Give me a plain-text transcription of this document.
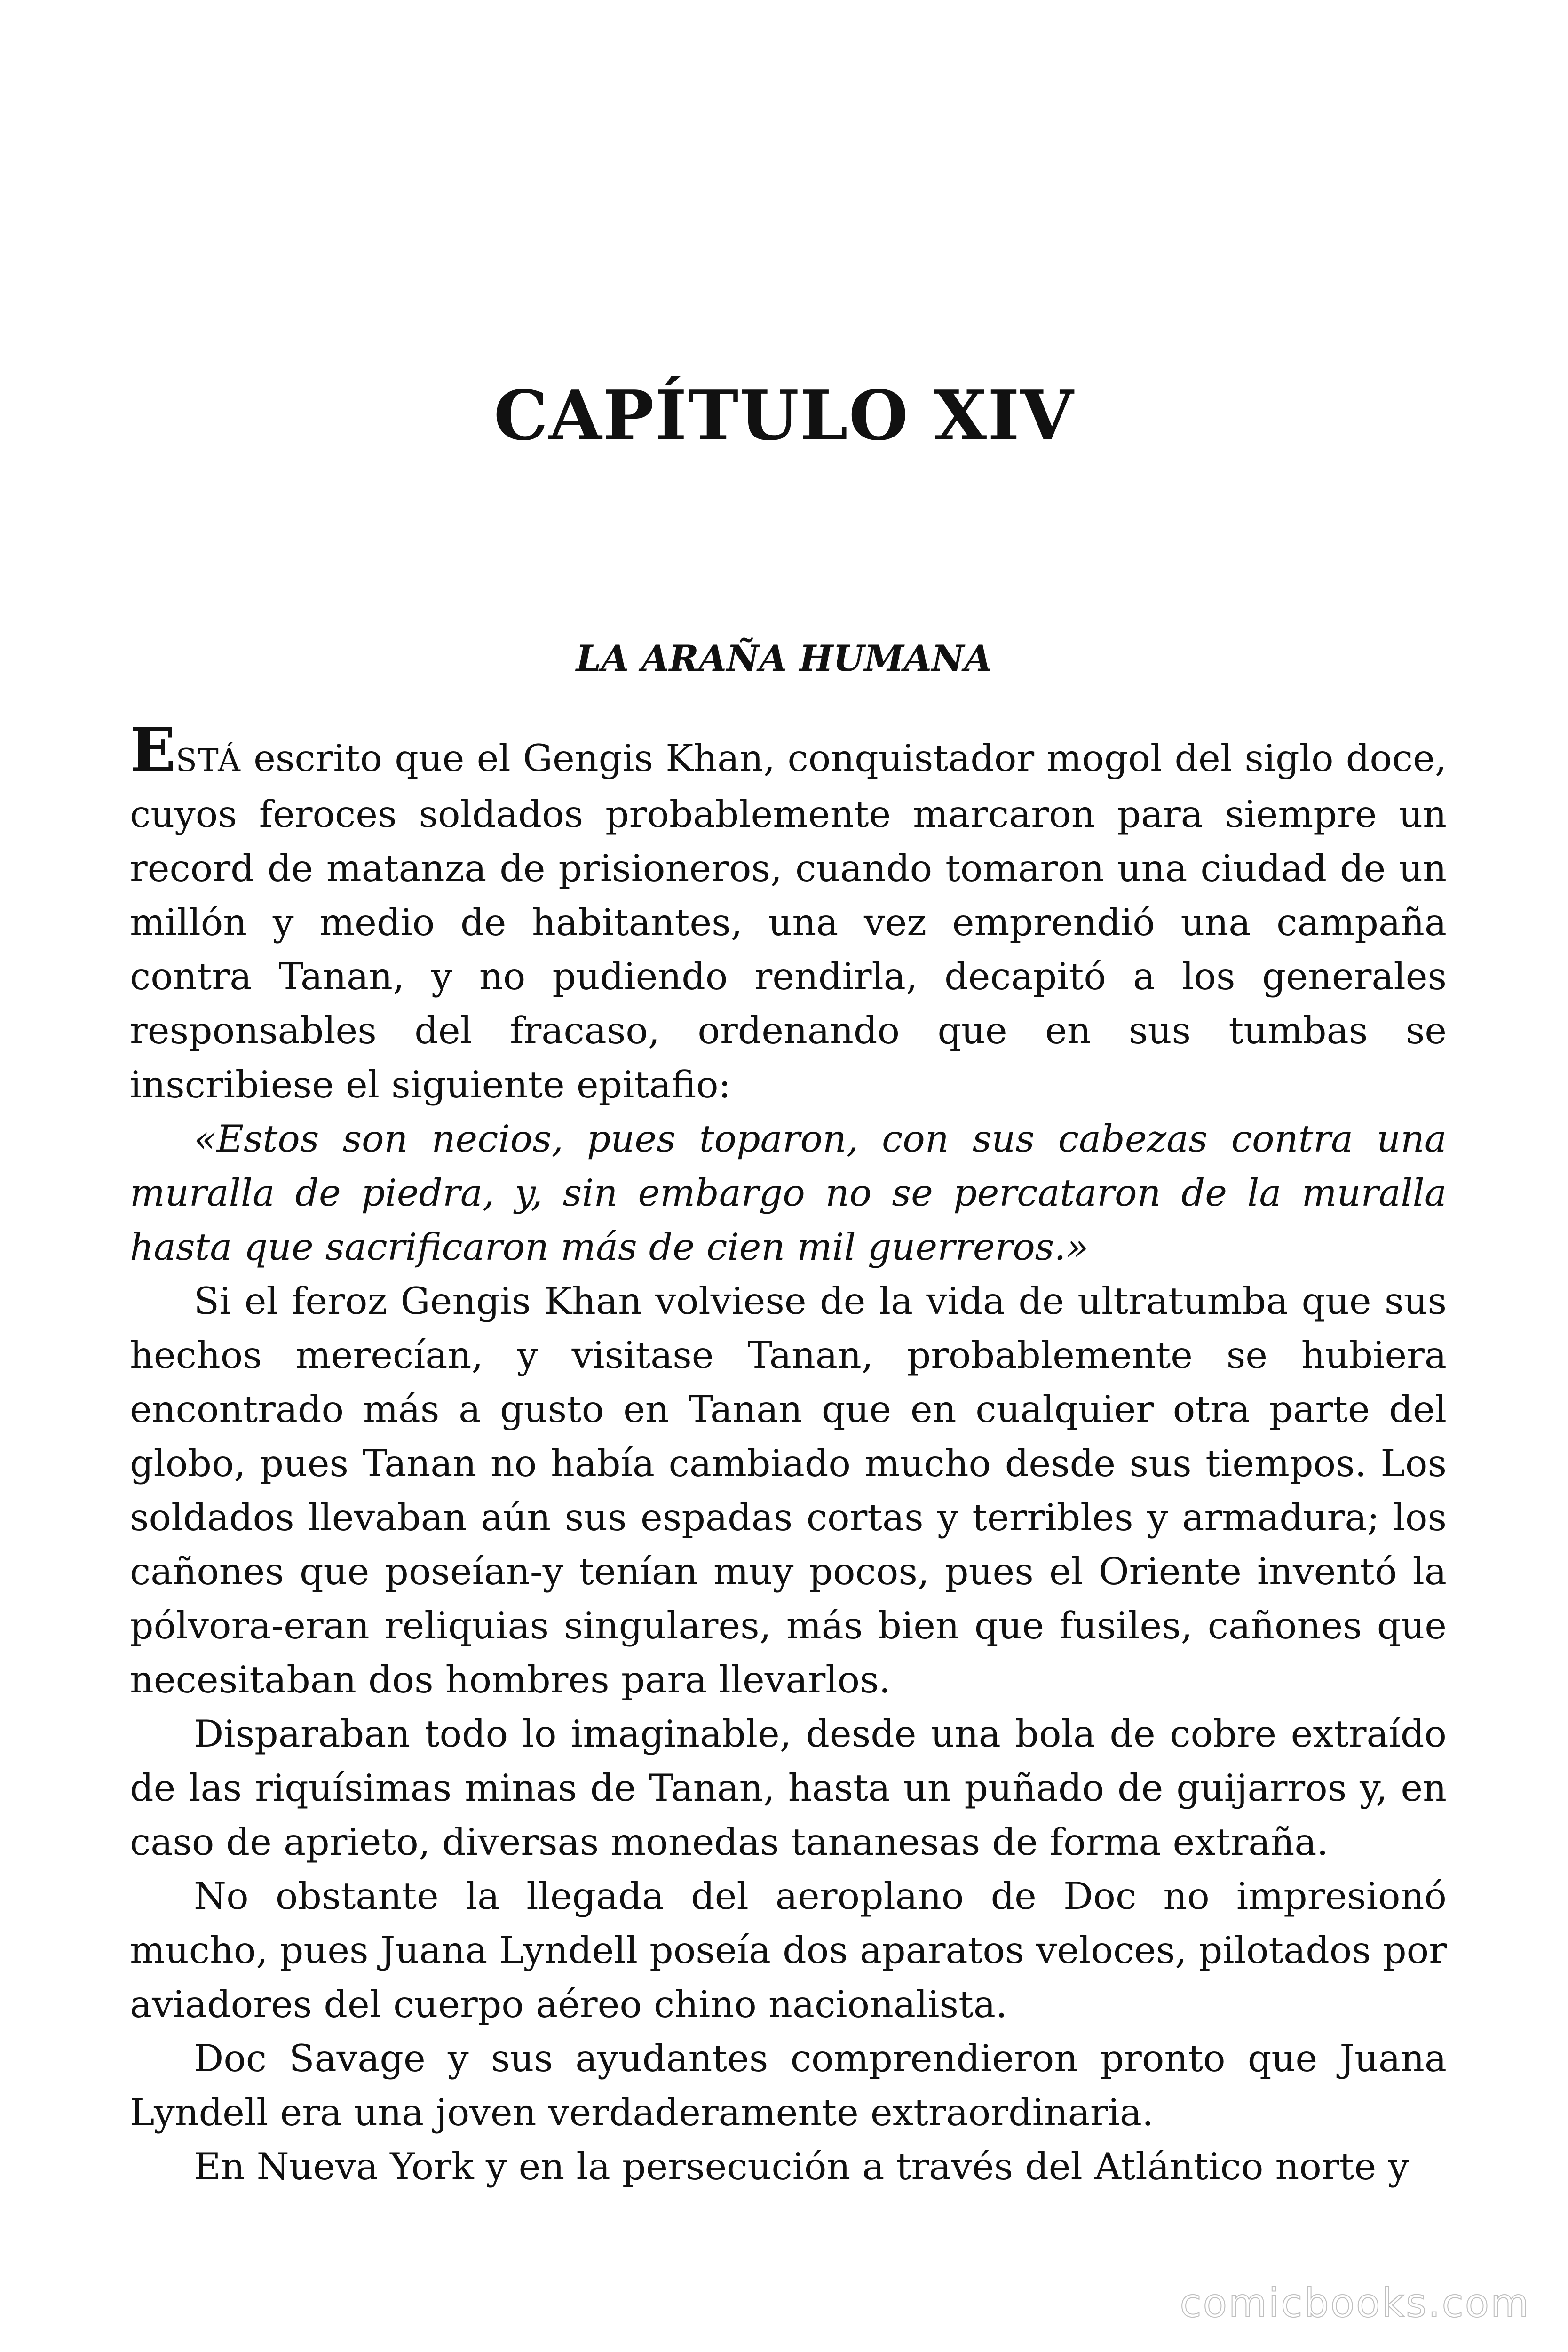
CAPÍTULO XIV
LA ARAÑA HUMANA

ESTÁ escrito que el Gengis Khan, conquistador mogol del siglo doce, cuyos feroces soldados probablemente marcaron para siempre un record de matanza de prisioneros, cuando tomaron una ciudad de un millón y medio de habitantes, una vez emprendió una campaña contra Tanan, y no pudiendo rendirla, decapitó a los generales responsables del fracaso, ordenando que en sus tumbas se inscribiese el siguiente epitafio:

«Estos son necios, pues toparon, con sus cabezas contra una muralla de piedra, y, sin embargo no se percataron de la muralla hasta que sacrificaron más de cien mil guerreros.»

Si el feroz Gengis Khan volviese de la vida de ultratumba que sus hechos merecían, y visitase Tanan, probablemente se hubiera encontrado más a gusto en Tanan que en cualquier otra parte del globo, pues Tanan no había cambiado mucho desde sus tiempos. Los soldados llevaban aún sus espadas cortas y terribles y armadura; los cañones que poseían-y tenían muy pocos, pues el Oriente inventó la pólvora-eran reliquias singulares, más bien que fusiles, cañones que necesitaban dos hombres para llevarlos.

Disparaban todo lo imaginable, desde una bola de cobre extraído de las riquísimas minas de Tanan, hasta un puñado de guijarros y, en caso de aprieto, diversas monedas tananesas de forma extraña.

No obstante la llegada del aeroplano de Doc no impresionó mucho, pues Juana Lyndell poseía dos aparatos veloces, pilotados por aviadores del cuerpo aéreo chino nacionalista.

Doc Savage y sus ayudantes comprendieron pronto que Juana Lyndell era una joven verdaderamente extraordinaria.

En Nueva York y en la persecución a través del Atlántico norte y

comicbooks.com
